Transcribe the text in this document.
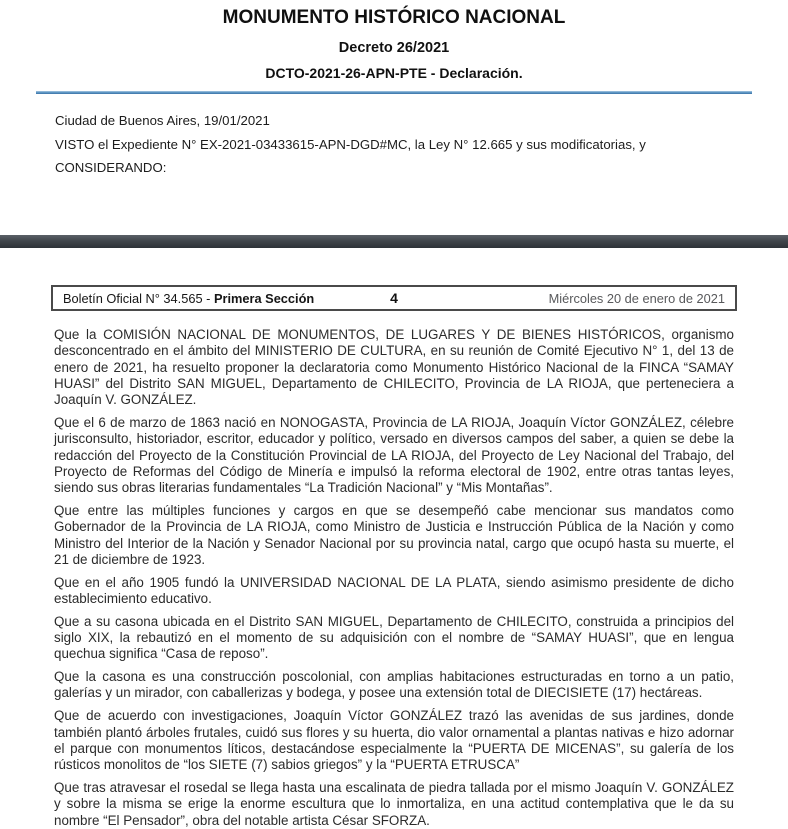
MONUMENTO HISTÓRICO NACIONAL
Decreto 26/2021
DCTO-2021-26-APN-PTE - Declaración.

Ciudad de Buenos Aires, 19/01/2021

VISTO el Expediente N° EX-2021-03433615-APN-DGD#MC, la Ley N° 12.665 y sus modificatorias, y

CONSIDERANDO:

Boletín Oficial N° 34.565 - Primera Sección	4	Miércoles 20 de enero de 2021

Que la COMISIÓN NACIONAL DE MONUMENTOS, DE LUGARES Y DE BIENES HISTÓRICOS, organismo desconcentrado en el ámbito del MINISTERIO DE CULTURA, en su reunión de Comité Ejecutivo N° 1, del 13 de enero de 2021, ha resuelto proponer la declaratoria como Monumento Histórico Nacional de la FINCA “SAMAY HUASI” del Distrito SAN MIGUEL, Departamento de CHILECITO, Provincia de LA RIOJA, que perteneciera a Joaquín V. GONZÁLEZ.

Que el 6 de marzo de 1863 nació en NONOGASTA, Provincia de LA RIOJA, Joaquín Víctor GONZÁLEZ, célebre jurisconsulto, historiador, escritor, educador y político, versado en diversos campos del saber, a quien se debe la redacción del Proyecto de la Constitución Provincial de LA RIOJA, del Proyecto de Ley Nacional del Trabajo, del Proyecto de Reformas del Código de Minería e impulsó la reforma electoral de 1902, entre otras tantas leyes, siendo sus obras literarias fundamentales “La Tradición Nacional” y “Mis Montañas”.

Que entre las múltiples funciones y cargos en que se desempeñó cabe mencionar sus mandatos como Gobernador de la Provincia de LA RIOJA, como Ministro de Justicia e Instrucción Pública de la Nación y como Ministro del Interior de la Nación y Senador Nacional por su provincia natal, cargo que ocupó hasta su muerte, el 21 de diciembre de 1923.

Que en el año 1905 fundó la UNIVERSIDAD NACIONAL DE LA PLATA, siendo asimismo presidente de dicho establecimiento educativo.

Que a su casona ubicada en el Distrito SAN MIGUEL, Departamento de CHILECITO, construida a principios del siglo XIX, la rebautizó en el momento de su adquisición con el nombre de “SAMAY HUASI”, que en lengua quechua significa “Casa de reposo”.

Que la casona es una construcción poscolonial, con amplias habitaciones estructuradas en torno a un patio, galerías y un mirador, con caballerizas y bodega, y posee una extensión total de DIECISIETE (17) hectáreas.

Que de acuerdo con investigaciones, Joaquín Víctor GONZÁLEZ trazó las avenidas de sus jardines, donde también plantó árboles frutales, cuidó sus flores y su huerta, dio valor ornamental a plantas nativas e hizo adornar el parque con monumentos líticos, destacándose especialmente la “PUERTA DE MICENAS”, su galería de los rústicos monolitos de “los SIETE (7) sabios griegos” y la “PUERTA ETRUSCA”

Que tras atravesar el rosedal se llega hasta una escalinata de piedra tallada por el mismo Joaquín V. GONZÁLEZ y sobre la misma se erige la enorme escultura que lo inmortaliza, en una actitud contemplativa que le da su nombre “El Pensador”, obra del notable artista César SFORZA.
